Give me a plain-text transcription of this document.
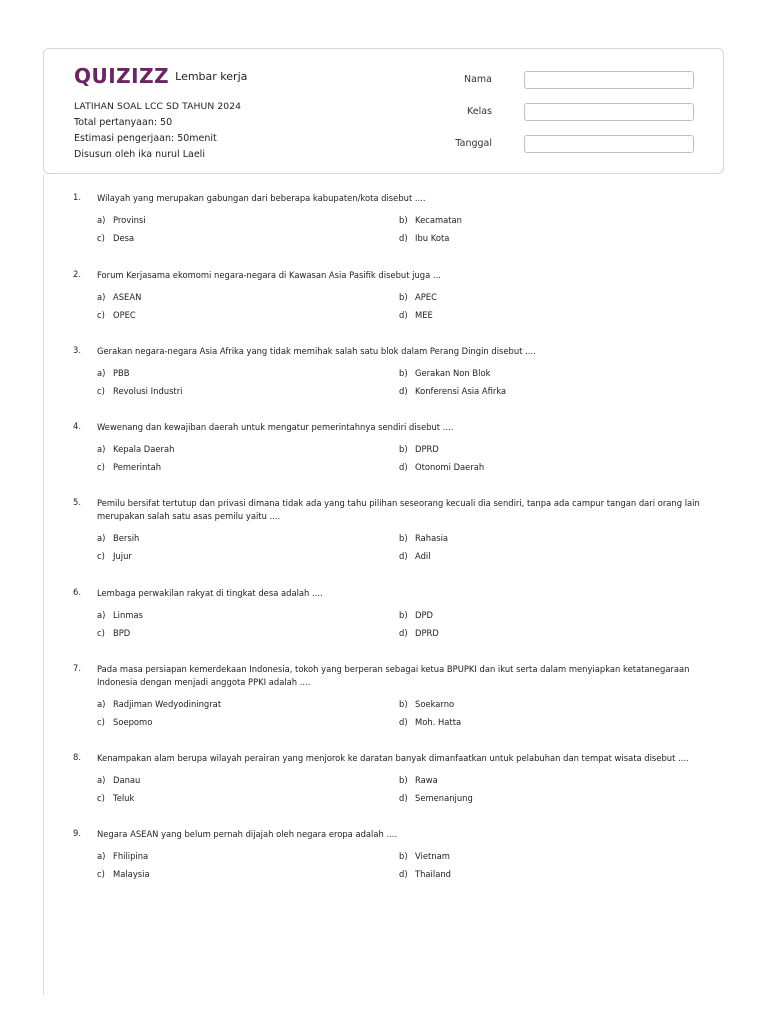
QUIZIZZ Lembar kerja
LATIHAN SOAL LCC SD TAHUN 2024
Total pertanyaan: 50
Estimasi pengerjaan: 50menit
Disusun oleh ika nurul Laeli
Nama
Kelas
Tanggal
1.	Wilayah yang merupakan gabungan dari beberapa kabupaten/kota disebut ....
a) Provinsi	b) Kecamatan
c) Desa	d) Ibu Kota
2.	Forum Kerjasama ekomomi negara-negara di Kawasan Asia Pasifik disebut juga ...
a) ASEAN	b) APEC
c) OPEC	d) MEE
3.	Gerakan negara-negara Asia Afrika yang tidak memihak salah satu blok dalam Perang Dingin disebut ....
a) PBB	b) Gerakan Non Blok
c) Revolusi Industri	d) Konferensi Asia Afirka
4.	Wewenang dan kewajiban daerah untuk mengatur pemerintahnya sendiri disebut ....
a) Kepala Daerah	b) DPRD
c) Pemerintah	d) Otonomi Daerah
5.	Pemilu bersifat tertutup dan privasi dimana tidak ada yang tahu pilihan seseorang kecuali dia sendiri, tanpa ada campur tangan dari orang lain merupakan salah satu asas pemilu yaitu ....
a) Bersih	b) Rahasia
c) Jujur	d) Adil
6.	Lembaga perwakilan rakyat di tingkat desa adalah ....
a) Linmas	b) DPD
c) BPD	d) DPRD
7.	Pada masa persiapan kemerdekaan Indonesia, tokoh yang berperan sebagai ketua BPUPKI dan ikut serta dalam menyiapkan ketatanegaraan Indonesia dengan menjadi anggota PPKI adalah ....
a) Radjiman Wedyodiningrat	b) Soekarno
c) Soepomo	d) Moh. Hatta
8.	Kenampakan alam berupa wilayah perairan yang menjorok ke daratan banyak dimanfaatkan untuk pelabuhan dan tempat wisata disebut ....
a) Danau	b) Rawa
c) Teluk	d) Semenanjung
9.	Negara ASEAN yang belum pernah dijajah oleh negara eropa adalah ....
a) Fhilipina	b) Vietnam
c) Malaysia	d) Thailand
